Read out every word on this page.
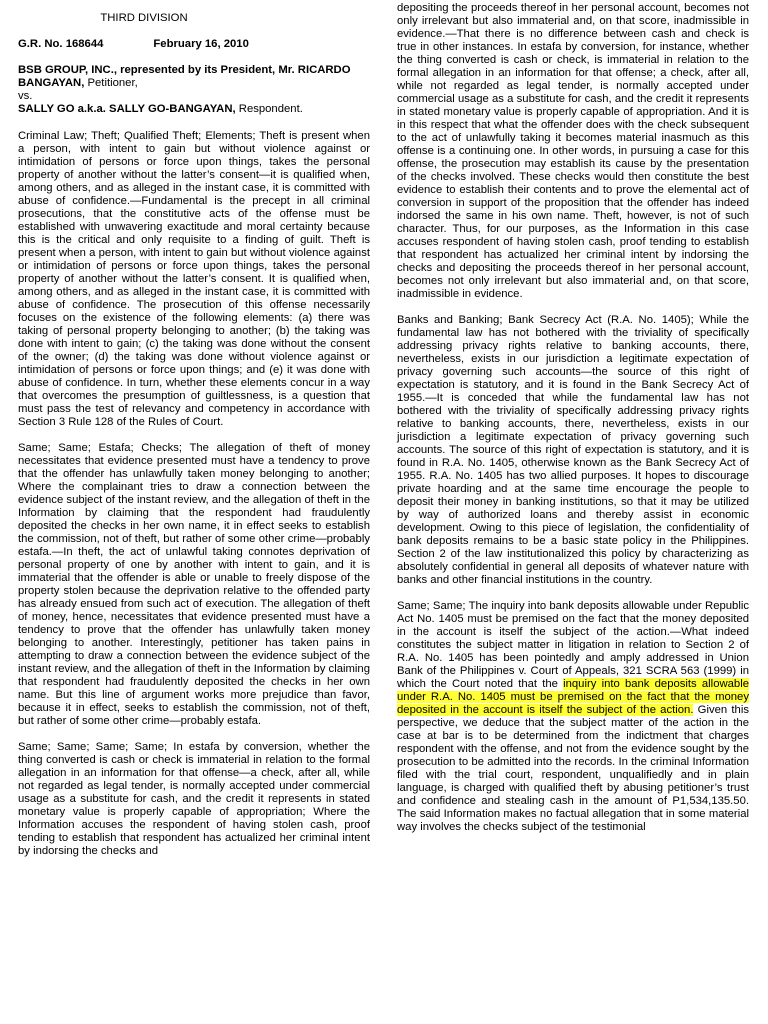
THIRD DIVISION

G.R. No. 168644	February 16, 2010

BSB GROUP, INC., represented by its President, Mr. RICARDO BANGAYAN, Petitioner,

vs.

SALLY GO a.k.a. SALLY GO-BANGAYAN, Respondent.

Criminal Law; Theft; Qualified Theft; Elements; Theft is present when a person, with intent to gain but without violence against or intimidation of persons or force upon things, takes the personal property of another without the latter’s consent—it is qualified when, among others, and as alleged in the instant case, it is committed with abuse of confidence.—Fundamental is the precept in all criminal prosecutions, that the constitutive acts of the offense must be established with unwavering exactitude and moral certainty because this is the critical and only requisite to a finding of guilt. Theft is present when a person, with intent to gain but without violence against or intimidation of persons or force upon things, takes the personal property of another without the latter’s consent. It is qualified when, among others, and as alleged in the instant case, it is committed with abuse of confidence. The prosecution of this offense necessarily focuses on the existence of the following elements: (a) there was taking of personal property belonging to another; (b) the taking was done with intent to gain; (c) the taking was done without the consent of the owner; (d) the taking was done without violence against or intimidation of persons or force upon things; and (e) it was done with abuse of confidence. In turn, whether these elements concur in a way that overcomes the presumption of guiltlessness, is a question that must pass the test of relevancy and competency in accordance with Section 3 Rule 128 of the Rules of Court.

Same; Same; Estafa; Checks; The allegation of theft of money necessitates that evidence presented must have a tendency to prove that the offender has unlawfully taken money belonging to another; Where the complainant tries to draw a connection between the evidence subject of the instant review, and the allegation of theft in the Information by claiming that the respondent had fraudulently deposited the checks in her own name, it in effect seeks to establish the commission, not of theft, but rather of some other crime—probably estafa.—In theft, the act of unlawful taking connotes deprivation of personal property of one by another with intent to gain, and it is immaterial that the offender is able or unable to freely dispose of the property stolen because the deprivation relative to the offended party has already ensued from such act of execution. The allegation of theft of money, hence, necessitates that evidence presented must have a tendency to prove that the offender has unlawfully taken money belonging to another. Interestingly, petitioner has taken pains in attempting to draw a connection between the evidence subject of the instant review, and the allegation of theft in the Information by claiming that respondent had fraudulently deposited the checks in her own name. But this line of argument works more prejudice than favor, because it in effect, seeks to establish the commission, not of theft, but rather of some other crime—probably estafa.

Same; Same; Same; Same; In estafa by conversion, whether the thing converted is cash or check is immaterial in relation to the formal allegation in an information for that offense—a check, after all, while not regarded as legal tender, is normally accepted under commercial usage as a substitute for cash, and the credit it represents in stated monetary value is properly capable of appropriation; Where the Information accuses the respondent of having stolen cash, proof tending to establish that respondent has actualized her criminal intent by indorsing the checks and

depositing the proceeds thereof in her personal account, becomes not only irrelevant but also immaterial and, on that score, inadmissible in evidence.—That there is no difference between cash and check is true in other instances. In estafa by conversion, for instance, whether the thing converted is cash or check, is immaterial in relation to the formal allegation in an information for that offense; a check, after all, while not regarded as legal tender, is normally accepted under commercial usage as a substitute for cash, and the credit it represents in stated monetary value is properly capable of appropriation. And it is in this respect that what the offender does with the check subsequent to the act of unlawfully taking it becomes material inasmuch as this offense is a continuing one. In other words, in pursuing a case for this offense, the prosecution may establish its cause by the presentation of the checks involved. These checks would then constitute the best evidence to establish their contents and to prove the elemental act of conversion in support of the proposition that the offender has indeed indorsed the same in his own name. Theft, however, is not of such character. Thus, for our purposes, as the Information in this case accuses respondent of having stolen cash, proof tending to establish that respondent has actualized her criminal intent by indorsing the checks and depositing the proceeds thereof in her personal account, becomes not only irrelevant but also immaterial and, on that score, inadmissible in evidence.

Banks and Banking; Bank Secrecy Act (R.A. No. 1405); While the fundamental law has not bothered with the triviality of specifically addressing privacy rights relative to banking accounts, there, nevertheless, exists in our jurisdiction a legitimate expectation of privacy governing such accounts—the source of this right of expectation is statutory, and it is found in the Bank Secrecy Act of 1955.—It is conceded that while the fundamental law has not bothered with the triviality of specifically addressing privacy rights relative to banking accounts, there, nevertheless, exists in our jurisdiction a legitimate expectation of privacy governing such accounts. The source of this right of expectation is statutory, and it is found in R.A. No. 1405, otherwise known as the Bank Secrecy Act of 1955. R.A. No. 1405 has two allied purposes. It hopes to discourage private hoarding and at the same time encourage the people to deposit their money in banking institutions, so that it may be utilized by way of authorized loans and thereby assist in economic development. Owing to this piece of legislation, the confidentiality of bank deposits remains to be a basic state policy in the Philippines. Section 2 of the law institutionalized this policy by characterizing as absolutely confidential in general all deposits of whatever nature with banks and other financial institutions in the country.

Same; Same; The inquiry into bank deposits allowable under Republic Act No. 1405 must be premised on the fact that the money deposited in the account is itself the subject of the action.—What indeed constitutes the subject matter in litigation in relation to Section 2 of R.A. No. 1405 has been pointedly and amply addressed in Union Bank of the Philippines v. Court of Appeals, 321 SCRA 563 (1999) in which the Court noted that the inquiry into bank deposits allowable under R.A. No. 1405 must be premised on the fact that the money deposited in the account is itself the subject of the action. Given this perspective, we deduce that the subject matter of the action in the case at bar is to be determined from the indictment that charges respondent with the offense, and not from the evidence sought by the prosecution to be admitted into the records. In the criminal Information filed with the trial court, respondent, unqualifiedly and in plain language, is charged with qualified theft by abusing petitioner’s trust and confidence and stealing cash in the amount of P1,534,135.50. The said Information makes no factual allegation that in some material way involves the checks subject of the testimonial
